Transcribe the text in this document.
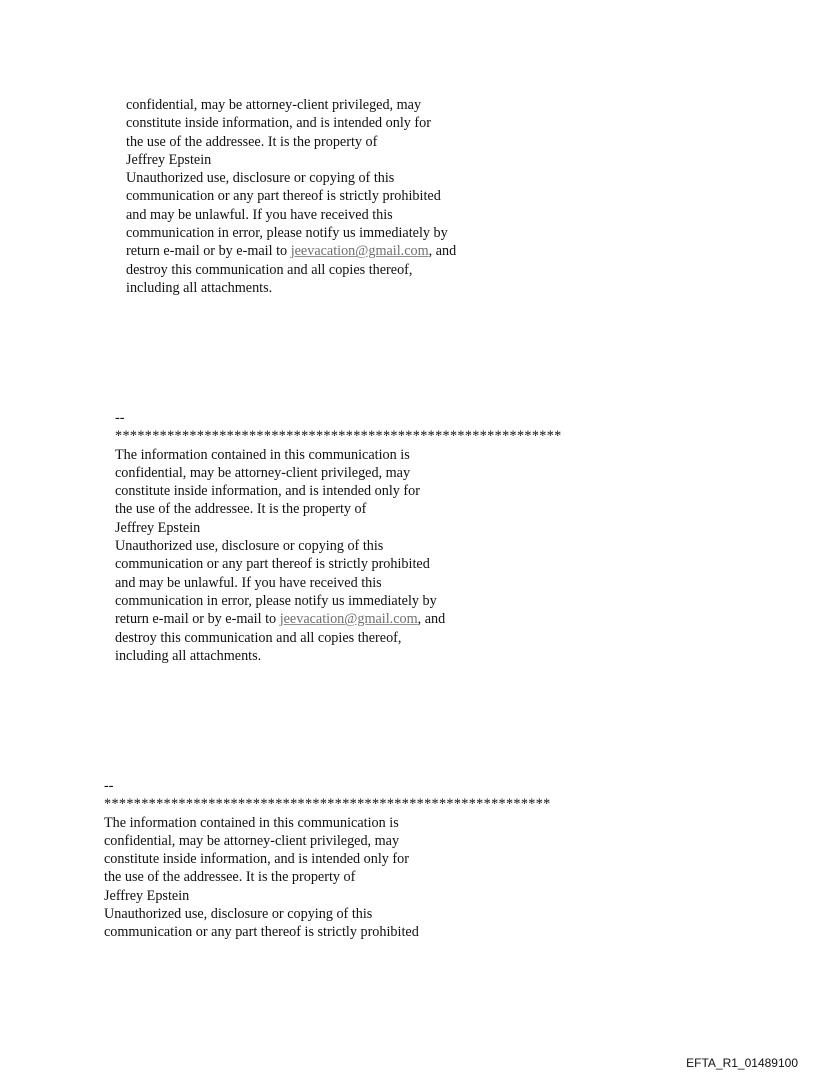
confidential, may be attorney-client privileged, may
constitute inside information, and is intended only for
the use of the addressee. It is the property of
Jeffrey Epstein
Unauthorized use, disclosure or copying of this
communication or any part thereof is strictly prohibited
and may be unlawful. If you have received this
communication in error, please notify us immediately by
return e-mail or by e-mail to jeevacation@gmail.com, and
destroy this communication and all copies thereof,
including all attachments.
--
************************************************************
The information contained in this communication is
confidential, may be attorney-client privileged, may
constitute inside information, and is intended only for
the use of the addressee. It is the property of
Jeffrey Epstein
Unauthorized use, disclosure or copying of this
communication or any part thereof is strictly prohibited
and may be unlawful. If you have received this
communication in error, please notify us immediately by
return e-mail or by e-mail to jeevacation@gmail.com, and
destroy this communication and all copies thereof,
including all attachments.
--
************************************************************
The information contained in this communication is
confidential, may be attorney-client privileged, may
constitute inside information, and is intended only for
the use of the addressee. It is the property of
Jeffrey Epstein
Unauthorized use, disclosure or copying of this
communication or any part thereof is strictly prohibited
EFTA_R1_01489100
